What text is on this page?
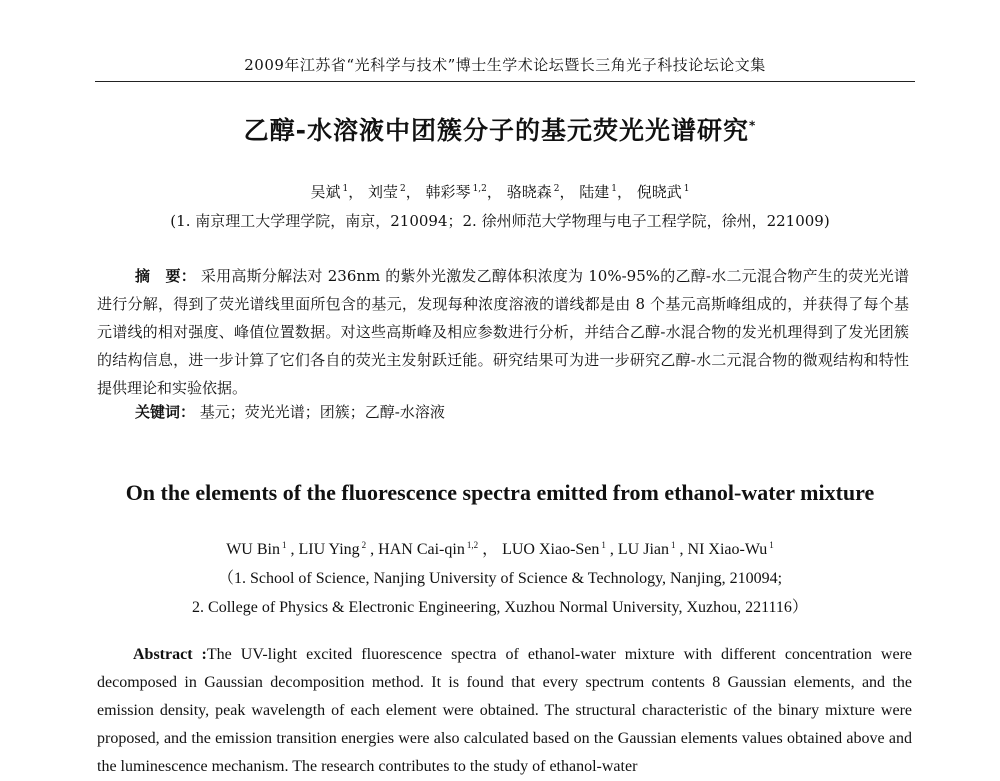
2009年江苏省“光科学与技术”博士生学术论坛暨长三角光子科技论坛论文集
乙醇-水溶液中团簇分子的基元荧光光谱研究*
吴斌 $^1$， 刘莹 $^2$， 韩彩琴 $^{1,2}$， 骆晓森 $^2$， 陆建 $^1$， 倪晓武 $^1$
(1. 南京理工大学理学院，南京，210094；2. 徐州师范大学物理与电子工程学院，徐州，221009)
摘　要： 采用高斯分解法对 236nm 的紫外光激发乙醇体积浓度为 10%-95%的乙醇-水二元混合物产生的荧光光谱进行分解，得到了荧光谱线里面所包含的基元，发现每种浓度溶液的谱线都是由 8 个基元高斯峰组成的，并获得了每个基元谱线的相对强度、峰值位置数据。对这些高斯峰及相应参数进行分析，并结合乙醇-水混合物的发光机理得到了发光团簇的结构信息，进一步计算了它们各自的荧光主发射跃迁能。研究结果可为进一步研究乙醇-水二元混合物的微观结构和特性提供理论和实验依据。
关键词： 基元；荧光光谱；团簇；乙醇-水溶液
On the elements of the fluorescence spectra emitted from ethanol-water mixture
WU Bin $^1$ , LIU Ying $^2$ , HAN Cai-qin $^{1,2}$ ， LUO Xiao-Sen $^1$ , LU Jian $^1$ , NI Xiao-Wu $^1$
（1. School of Science, Nanjing University of Science & Technology, Nanjing, 210094;
2. College of Physics & Electronic Engineering, Xuzhou Normal University, Xuzhou, 221116）
Abstract :The UV-light excited fluorescence spectra of ethanol-water mixture with different concentration were decomposed in Gaussian decomposition method. It is found that every spectrum contents 8 Gaussian elements, and the emission density, peak wavelength of each element were obtained. The structural characteristic of the binary mixture were proposed, and the emission transition energies were also calculated based on the Gaussian elements values obtained above and the luminescence mechanism. The research contributes to the study of ethanol-water
